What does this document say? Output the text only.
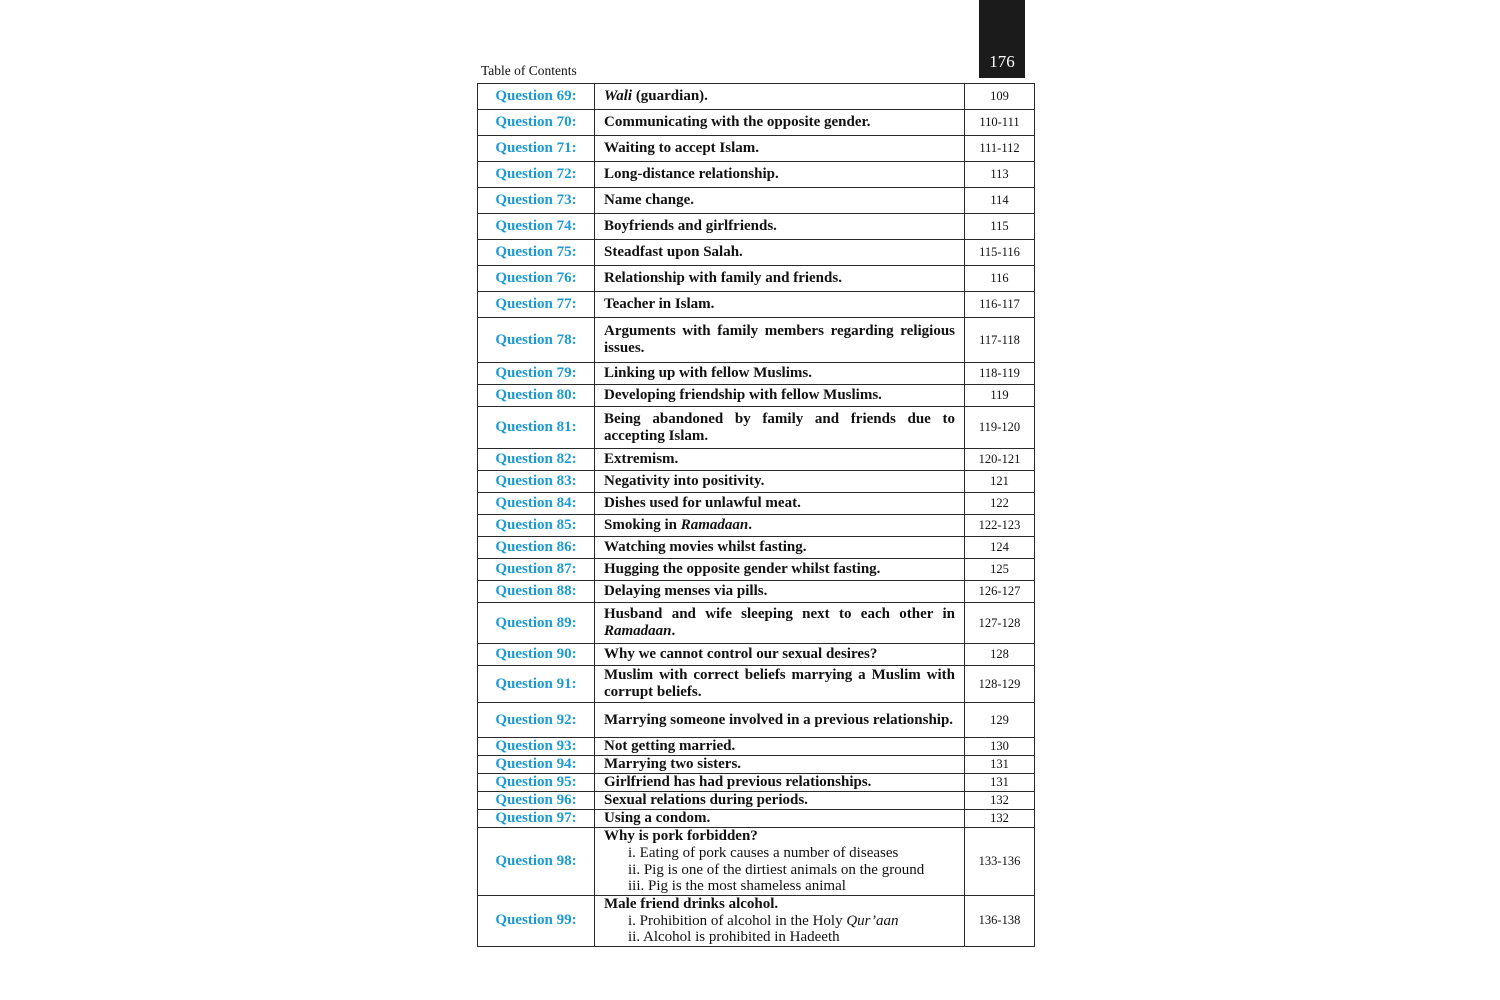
176
Table of Contents
Question 69:	Wali (guardian).	109
Question 70:	Communicating with the opposite gender.	110-111
Question 71:	Waiting to accept Islam.	111-112
Question 72:	Long-distance relationship.	113
Question 73:	Name change.	114
Question 74:	Boyfriends and girlfriends.	115
Question 75:	Steadfast upon Salah.	115-116
Question 76:	Relationship with family and friends.	116
Question 77:	Teacher in Islam.	116-117
Question 78:	Arguments with family members regarding religious issues.	117-118
Question 79:	Linking up with fellow Muslims.	118-119
Question 80:	Developing friendship with fellow Muslims.	119
Question 81:	Being abandoned by family and friends due to accepting Islam.	119-120
Question 82:	Extremism.	120-121
Question 83:	Negativity into positivity.	121
Question 84:	Dishes used for unlawful meat.	122
Question 85:	Smoking in Ramadaan.	122-123
Question 86:	Watching movies whilst fasting.	124
Question 87:	Hugging the opposite gender whilst fasting.	125
Question 88:	Delaying menses via pills.	126-127
Question 89:	Husband and wife sleeping next to each other in Ramadaan.	127-128
Question 90:	Why we cannot control our sexual desires?	128
Question 91:	Muslim with correct beliefs marrying a Muslim with corrupt beliefs.	128-129
Question 92:	Marrying someone involved in a previous relationship.	129
Question 93:	Not getting married.	130
Question 94:	Marrying two sisters.	131
Question 95:	Girlfriend has had previous relationships.	131
Question 96:	Sexual relations during periods.	132
Question 97:	Using a condom.	132
Question 98:	Why is pork forbidden?
i. Eating of pork causes a number of diseases
ii. Pig is one of the dirtiest animals on the ground
iii. Pig is the most shameless animal	133-136
Question 99:	Male friend drinks alcohol.
i. Prohibition of alcohol in the Holy Qur’aan
ii. Alcohol is prohibited in Hadeeth	136-138
